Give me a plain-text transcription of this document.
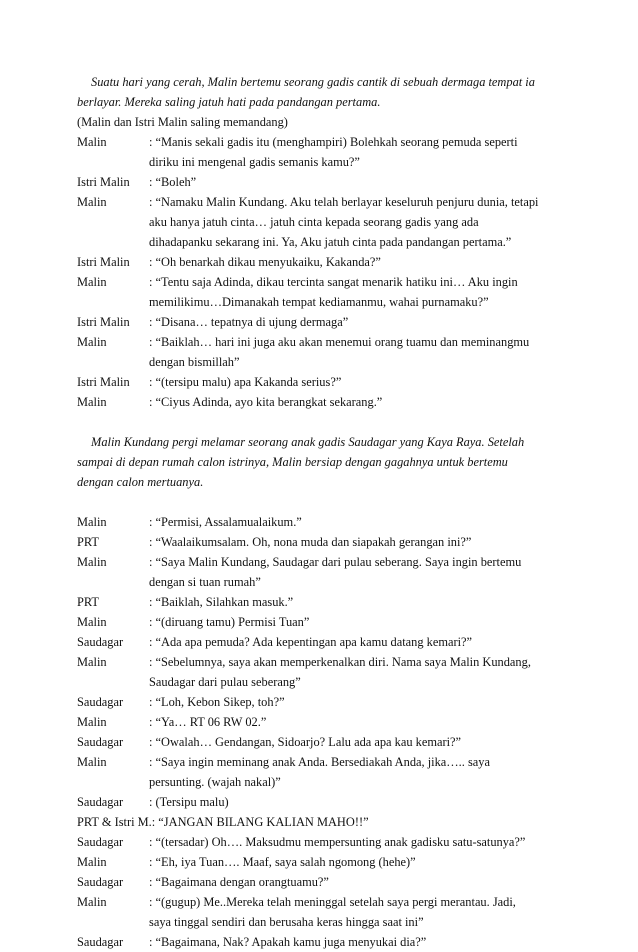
Suatu hari yang cerah, Malin bertemu seorang gadis cantik di sebuah dermaga tempat ia
berlayar. Mereka saling jatuh hati pada pandangan pertama.

(Malin dan Istri Malin saling memandang)

Malin	: “Manis sekali gadis itu (menghampiri) Bolehkah seorang pemuda seperti
diriku ini mengenal gadis semanis kamu?”
Istri Malin	: “Boleh”
Malin	: “Namaku Malin Kundang. Aku telah berlayar keseluruh penjuru dunia, tetapi
aku hanya jatuh cinta… jatuh cinta kepada seorang gadis yang ada
dihadapanku sekarang ini. Ya, Aku jatuh cinta pada pandangan pertama.”
Istri Malin	: “Oh benarkah dikau menyukaiku, Kakanda?”
Malin	: “Tentu saja Adinda, dikau tercinta sangat menarik hatiku ini… Aku ingin
memilikimu…Dimanakah tempat kediamanmu, wahai purnamaku?”
Istri Malin	: “Disana… tepatnya di ujung dermaga”
Malin	: “Baiklah… hari ini juga aku akan menemui orang tuamu dan meminangmu
dengan bismillah”
Istri Malin	: “(tersipu malu) apa Kakanda serius?”
Malin	: “Ciyus Adinda, ayo kita berangkat sekarang.”

Malin Kundang pergi melamar seorang anak gadis Saudagar yang Kaya Raya. Setelah
sampai di depan rumah calon istrinya, Malin bersiap dengan gagahnya untuk bertemu
dengan calon mertuanya.

Malin	: “Permisi, Assalamualaikum.”
PRT	: “Waalaikumsalam. Oh, nona muda dan siapakah gerangan ini?”
Malin	: “Saya Malin Kundang, Saudagar dari pulau seberang. Saya ingin bertemu
dengan si tuan rumah”
PRT	: “Baiklah, Silahkan masuk.”
Malin	: “(diruang tamu) Permisi Tuan”
Saudagar	: “Ada apa pemuda? Ada kepentingan apa kamu datang kemari?”
Malin	: “Sebelumnya, saya akan memperkenalkan diri. Nama saya Malin Kundang,
Saudagar dari pulau seberang”
Saudagar	: “Loh, Kebon Sikep, toh?”
Malin	: “Ya… RT 06 RW 02.”
Saudagar	: “Owalah… Gendangan, Sidoarjo? Lalu ada apa kau kemari?”
Malin	: “Saya ingin meminang anak Anda. Bersediakah Anda, jika….. saya
persunting. (wajah nakal)”
Saudagar	: (Tersipu malu)
PRT & Istri M. : “JANGAN BILANG KALIAN MAHO!!”
Saudagar	: “(tersadar) Oh…. Maksudmu mempersunting anak gadisku satu-satunya?”
Malin	: “Eh, iya Tuan…. Maaf, saya salah ngomong (hehe)”
Saudagar	: “Bagaimana dengan orangtuamu?”
Malin	: “(gugup) Me..Mereka telah meninggal setelah saya pergi merantau. Jadi,
saya tinggal sendiri dan berusaha keras hingga saat ini”
Saudagar	: “Bagaimana, Nak? Apakah kamu juga menyukai dia?”
